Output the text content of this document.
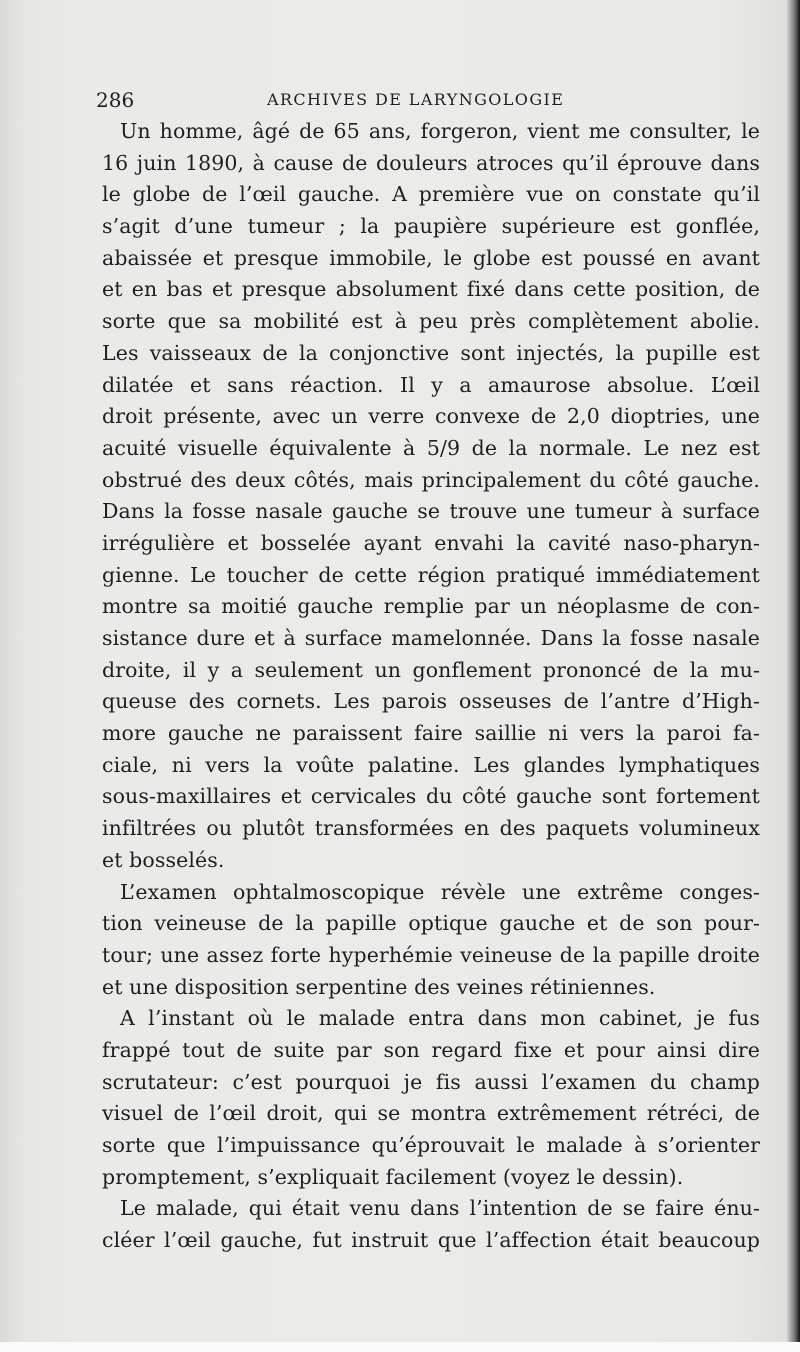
286	ARCHIVES DE LARYNGOLOGIE
Un homme, âgé de 65 ans, forgeron, vient me consulter, le
16 juin 1890, à cause de douleurs atroces qu’il éprouve dans
le globe de l’œil gauche. A première vue on constate qu’il
s’agit d’une tumeur ; la paupière supérieure est gonflée,
abaissée et presque immobile, le globe est poussé en avant
et en bas et presque absolument fixé dans cette position, de
sorte que sa mobilité est à peu près complètement abolie.
Les vaisseaux de la conjonctive sont injectés, la pupille est
dilatée et sans réaction. Il y a amaurose absolue. L’œil
droit présente, avec un verre convexe de 2,0 dioptries, une
acuité visuelle équivalente à 5/9 de la normale. Le nez est
obstrué des deux côtés, mais principalement du côté gauche.
Dans la fosse nasale gauche se trouve une tumeur à surface
irrégulière et bosselée ayant envahi la cavité naso-pharyn-
gienne. Le toucher de cette région pratiqué immédiatement
montre sa moitié gauche remplie par un néoplasme de con-
sistance dure et à surface mamelonnée. Dans la fosse nasale
droite, il y a seulement un gonflement prononcé de la mu-
queuse des cornets. Les parois osseuses de l’antre d’High-
more gauche ne paraissent faire saillie ni vers la paroi fa-
ciale, ni vers la voûte palatine. Les glandes lymphatiques
sous-maxillaires et cervicales du côté gauche sont fortement
infiltrées ou plutôt transformées en des paquets volumineux
et bosselés.
L’examen ophtalmoscopique révèle une extrême conges-
tion veineuse de la papille optique gauche et de son pour-
tour; une assez forte hyperhémie veineuse de la papille droite
et une disposition serpentine des veines rétiniennes.
A l’instant où le malade entra dans mon cabinet, je fus
frappé tout de suite par son regard fixe et pour ainsi dire
scrutateur: c’est pourquoi je fis aussi l’examen du champ
visuel de l’œil droit, qui se montra extrêmement rétréci, de
sorte que l’impuissance qu’éprouvait le malade à s’orienter
promptement, s’expliquait facilement (voyez le dessin).
Le malade, qui était venu dans l’intention de se faire énu-
cléer l’œil gauche, fut instruit que l’affection était beaucoup
